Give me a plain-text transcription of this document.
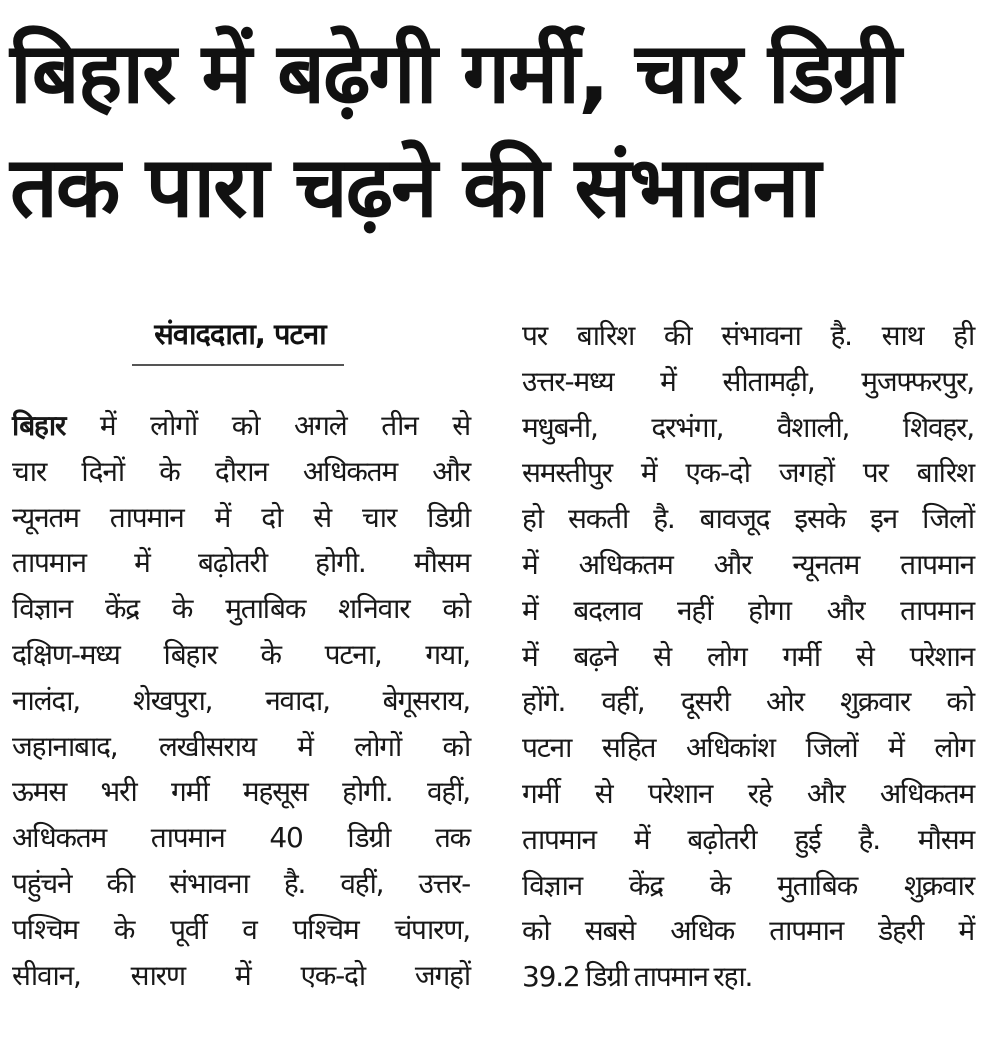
बिहार में बढ़ेगी गर्मी, चार डिग्री
तक पारा चढ़ने की संभावना
संवाददाता, पटना
बिहार में लोगों को अगले तीन से
चार दिनों के दौरान अधिकतम और
न्यूनतम तापमान में दो से चार डिग्री
तापमान में बढ़ोतरी होगी. मौसम
विज्ञान केंद्र के मुताबिक शनिवार को
दक्षिण-मध्य बिहार के पटना, गया,
नालंदा, शेखपुरा, नवादा, बेगूसराय,
जहानाबाद, लखीसराय में लोगों को
ऊमस भरी गर्मी महसूस होगी. वहीं,
अधिकतम तापमान 40 डिग्री तक
पहुंचने की संभावना है. वहीं, उत्तर-
पश्चिम के पूर्वी व पश्चिम चंपारण,
सीवान, सारण में एक-दो जगहों
पर बारिश की संभावना है. साथ ही
उत्तर-मध्य में सीतामढ़ी, मुजफ्फरपुर,
मधुबनी, दरभंगा, वैशाली, शिवहर,
समस्तीपुर में एक-दो जगहों पर बारिश
हो सकती है. बावजूद इसके इन जिलों
में अधिकतम और न्यूनतम तापमान
में बदलाव नहीं होगा और तापमान
में बढ़ने से लोग गर्मी से परेशान
होंगे. वहीं, दूसरी ओर शुक्रवार को
पटना सहित अधिकांश जिलों में लोग
गर्मी से परेशान रहे और अधिकतम
तापमान में बढ़ोतरी हुई है. मौसम
विज्ञान केंद्र के मुताबिक शुक्रवार
को सबसे अधिक तापमान डेहरी में
39.2 डिग्री तापमान रहा.
